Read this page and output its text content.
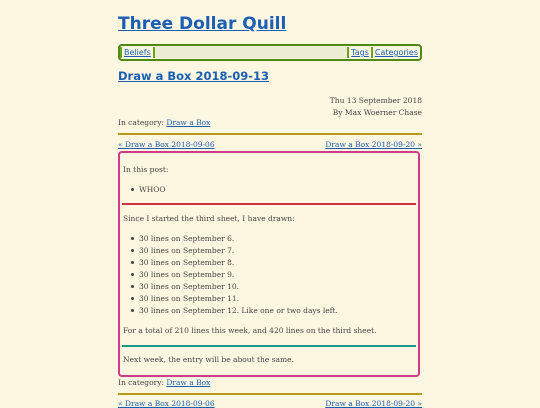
Three Dollar Quill
Beliefs	Tags Categories
Draw a Box 2018-09-13
Thu 13 September 2018
By Max Woerner Chase
In category: Draw a Box
« Draw a Box 2018-09-06	Draw a Box 2018-09-20 »
In this post:
WHOO
Since I started the third sheet, I have drawn:
30 lines on September 6.
30 lines on September 7.
30 lines on September 8.
30 lines on September 9.
30 lines on September 10.
30 lines on September 11.
30 lines on September 12. Like one or two days left.
For a total of 210 lines this week, and 420 lines on the third sheet.
Next week, the entry will be about the same.
In category: Draw a Box
« Draw a Box 2018-09-06	Draw a Box 2018-09-20 »
